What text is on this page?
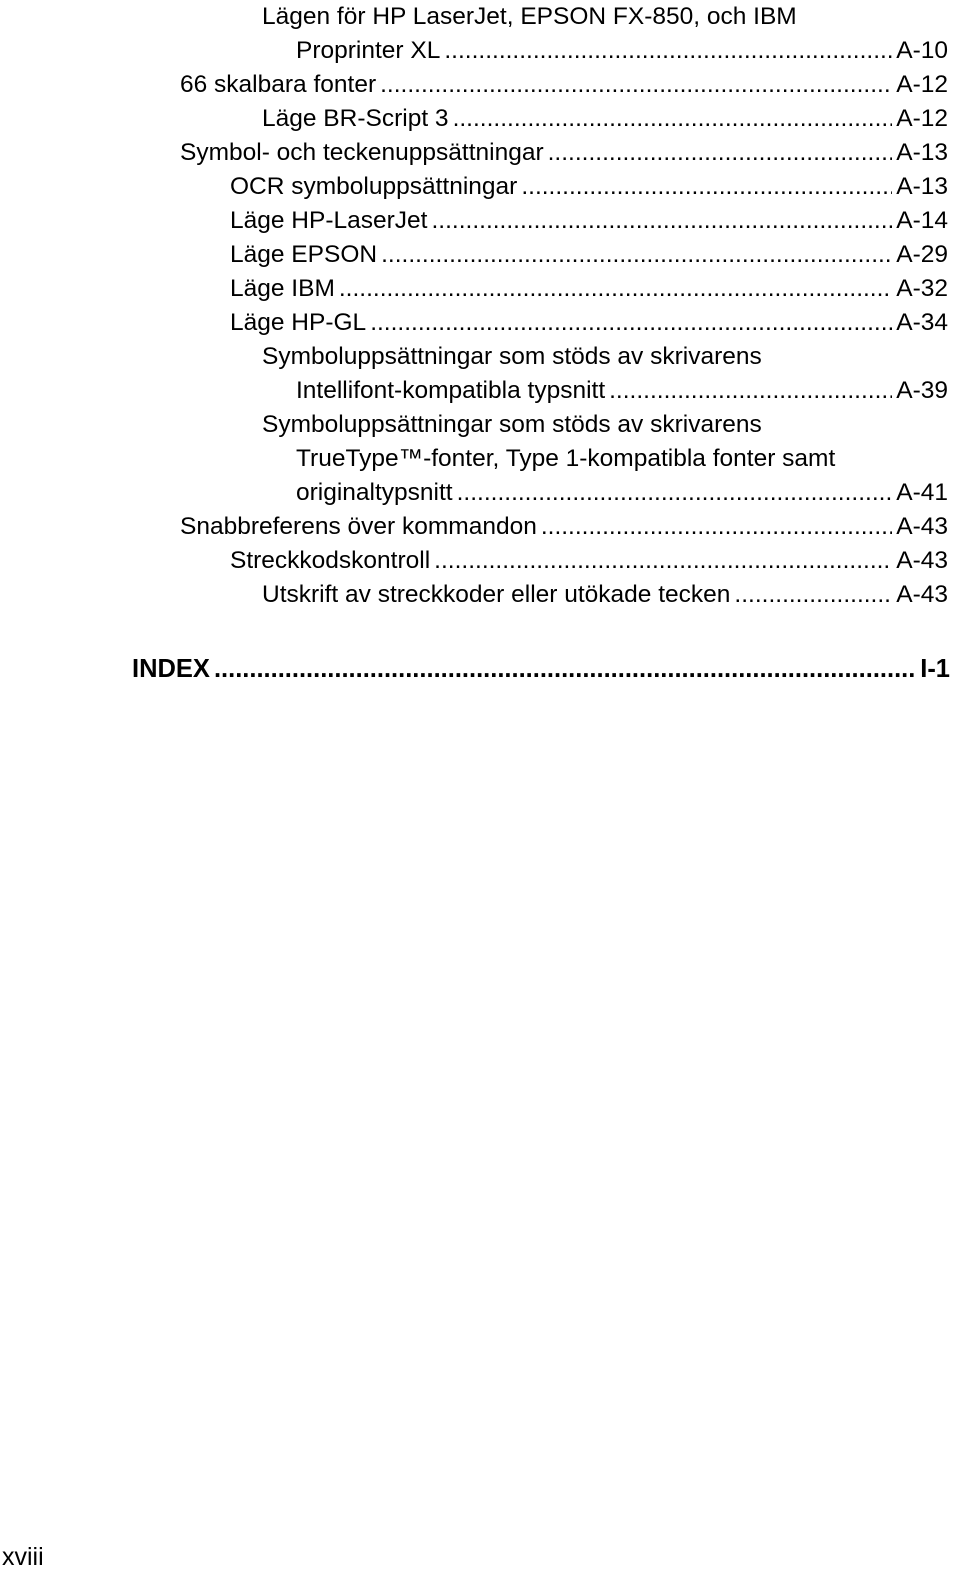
Lägen för HP LaserJet, EPSON FX-850, och IBM
Proprinter XL .....	A-10
66 skalbara fonter .....	A-12
Läge BR-Script 3 .....	A-12
Symbol- och teckenuppsättningar .....	A-13
OCR symboluppsättningar .....	A-13
Läge HP-LaserJet .....	A-14
Läge EPSON .....	A-29
Läge IBM .....	A-32
Läge HP-GL .....	A-34
Symboluppsättningar som stöds av skrivarens
Intellifont-kompatibla typsnitt .....	A-39
Symboluppsättningar som stöds av skrivarens
TrueType™-fonter, Type 1-kompatibla fonter samt
originaltypsnitt .....	A-41
Snabbreferens över kommandon .....	A-43
Streckkodskontroll .....	A-43
Utskrift av streckkoder eller utökade tecken .....	A-43
INDEX .....	I-1
xviii
